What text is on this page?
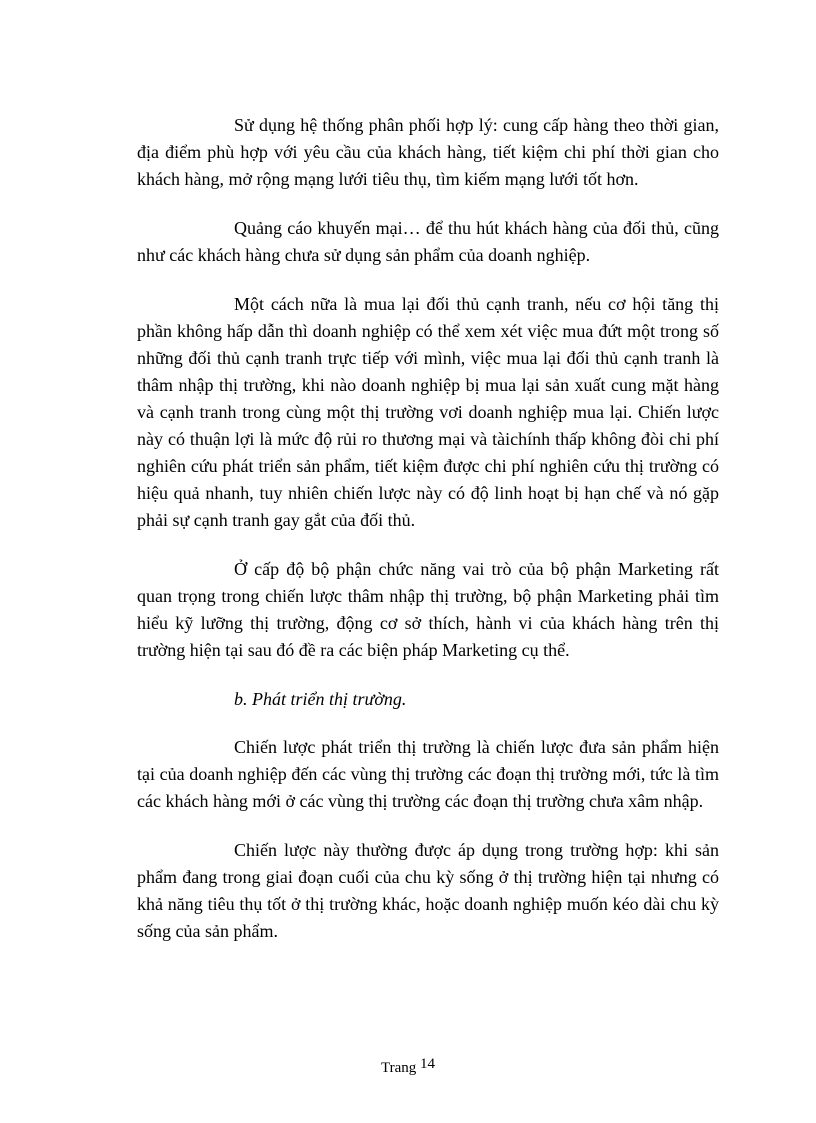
Sử dụng hệ thống phân phối hợp lý: cung cấp hàng theo thời gian, địa điểm phù hợp với yêu cầu của khách hàng, tiết kiệm chi phí thời gian cho khách hàng, mở rộng mạng lưới tiêu thụ, tìm kiếm mạng lưới tốt hơn.

Quảng cáo khuyến mại… để thu hút khách hàng của đối thủ, cũng như các khách hàng chưa sử dụng sản phẩm của doanh nghiệp.

Một cách nữa là mua lại đối thủ cạnh tranh, nếu cơ hội tăng thị phần không hấp dẫn thì doanh nghiệp có thể xem xét việc mua đứt một trong số những đối thủ cạnh tranh trực tiếp với mình, việc mua lại đối thủ cạnh tranh là thâm nhập thị trường, khi nào doanh nghiệp bị mua lại sản xuất cung mặt hàng và cạnh tranh trong cùng một thị trường vơi doanh nghiệp mua lại. Chiến lược này có thuận lợi là mức độ rủi ro thương mại và tàichính thấp không đòi chi phí nghiên cứu phát triển sản phẩm, tiết kiệm được chi phí nghiên cứu thị trường có hiệu quả nhanh, tuy nhiên chiến lược này có độ linh hoạt bị hạn chế và nó gặp phải sự cạnh tranh gay gắt của đối thủ.

Ở cấp độ bộ phận chức năng vai trò của bộ phận Marketing rất quan trọng trong chiến lược thâm nhập thị trường, bộ phận Marketing phải tìm hiểu kỹ lưỡng thị trường, động cơ sở thích, hành vi của khách hàng trên thị trường hiện tại sau đó đề ra các biện pháp Marketing cụ thể.

b. Phát triển thị trường.

Chiến lược phát triển thị trường là chiến lược đưa sản phẩm hiện tại của doanh nghiệp đến các vùng thị trường các đoạn thị trường mới, tức là tìm các khách hàng mới ở các vùng thị trường các đoạn thị trường chưa xâm nhập.

Chiến lược này thường được áp dụng trong trường hợp: khi sản phẩm đang trong giai đoạn cuối của chu kỳ sống ở thị trường hiện tại nhưng có khả năng tiêu thụ tốt ở thị trường khác, hoặc doanh nghiệp muốn kéo dài chu kỳ sống của sản phẩm.

Trang 14
